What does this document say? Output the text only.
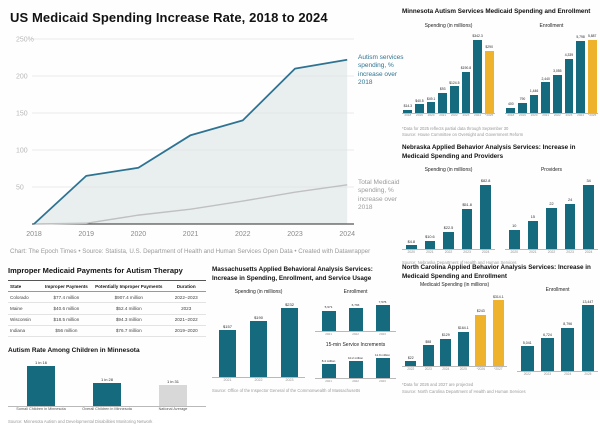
US Medicaid Spending Increase Rate, 2018 to 2024
250%
200
150
100
50
2018	2019	2020	2021	2022	2023	2024
Autism services spending, % increase over 2018
Total Medicaid spending, % increase over 2018
Chart: The Epoch Times • Source: Statista, U.S. Department of Health and Human Services Open Data • Created with Datawrapper
Minnesota Autism Services Medicaid Spending and Enrollment
Spending (in millions)
$14.3
2018
$40.5
2019
$49.1
2020
$93
2021
$124.5
2022
$190.8
2023
$342.3
2024
$290
*2025
Enrollment
400
2018
790
2019
1,446
2020
2,440
2021
3,055
2022
4,339
2023
5,798
2024
5,887
*2025
*Data for 2025 reflects partial data through September 30
Source: House Committee on Oversight and Government Reform
Nebraska Applied Behavior Analysis Services: Increase in Medicaid Spending and Providers
Spending (in millions)
$4.8
2020
$10.6
2021
$22.5
2022
$51.8
2023
$82.8
2024
Providers
10
2020
15
2021
22
2022
24
2023
34
2024
Source: Nebraska Department of Health and Human Services
North Carolina Applied Behavior Analysis Services: Increase in Medicaid Spending and Enrollment
Medicaid Spending (in millions)
$22
2022
$98
2023
$129
2024
$164.1
2025
$243
*2026
$314.1
*2027
Enrollment
5,041
2022
6,724
2023
8,796
2024
13,447
2025
*Data for 2026 and 2027 are projected
Source: North Carolina Department of Health and Human Services
Improper Medicaid Payments for Autism Therapy
State	Improper Payments	Potentially Improper Payments	Duration
Colorado	$77.4 million	$907.4 million	2022–2023
Maine	$40.6 million	$52.4 million	2023
Wisconsin	$18.5 million	$94.3 million	2021–2022
Indiana	$56 million	$76.7 million	2019–2020
Autism Rate Among Children in Minnesota
1 in 16
Somali Children in Minnesota
1 in 28
Overall Children in Minnesota
1 in 31
National Average
Source: Minnesota Autism and Developmental Disabilities Monitoring Network
Massachusetts Applied Behavioral Analysis Services: Increase in Spending, Enrollment, and Service Usage
Spending (in millions)
$157
2021
$190
2022
$232
2023
Enrollment
5,971
2021
6,793
2022
7,576
2023
15-min Service Increments
8.4 million
2021
10.2 million
2022
11.9 million
2023
Source: Office of the Inspector General of the Commonwealth of Massachusetts
